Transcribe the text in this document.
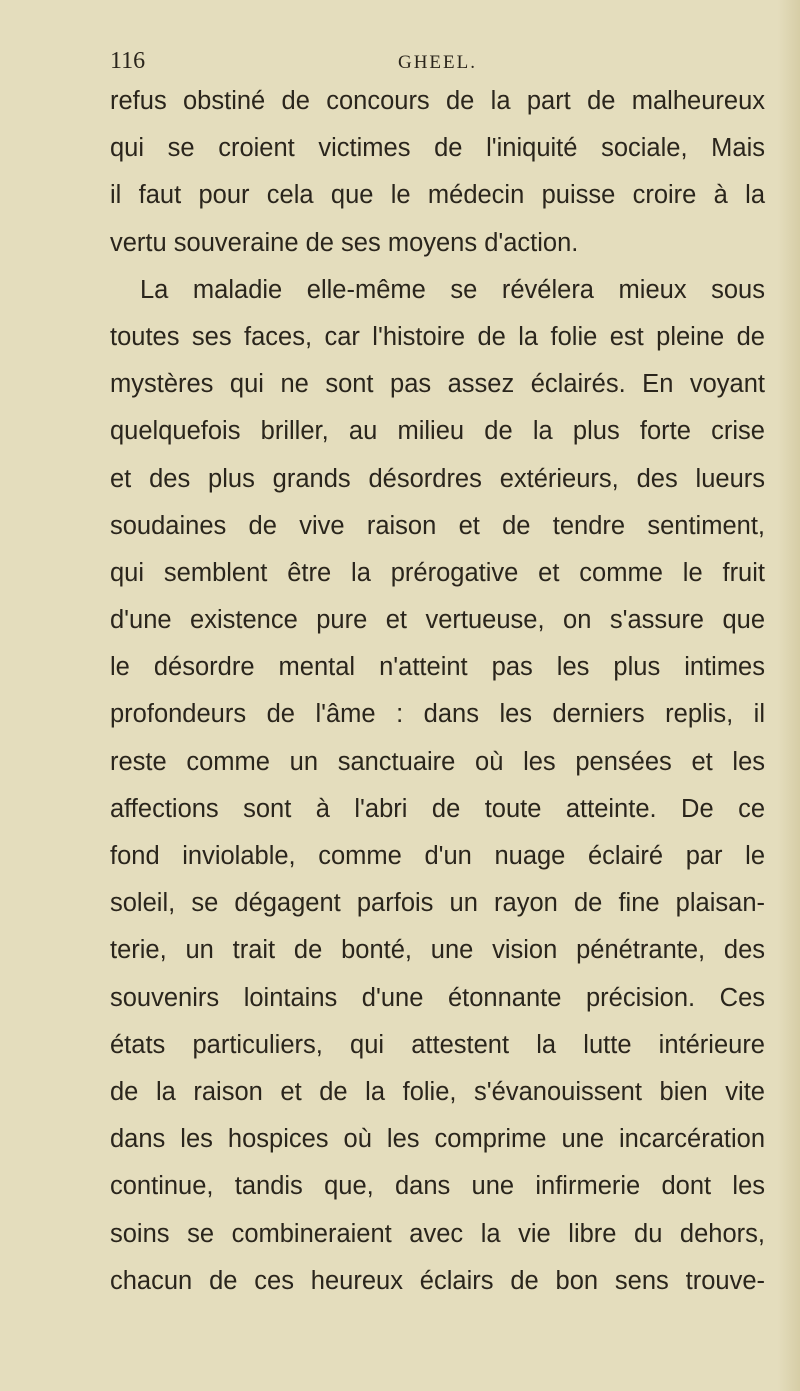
116	GHEEL.
refus obstiné de concours de la part de malheureux
qui se croient victimes de l'iniquité sociale, Mais
il faut pour cela que le médecin puisse croire à la
vertu souveraine de ses moyens d'action.
La maladie elle-même se révélera mieux sous
toutes ses faces, car l'histoire de la folie est pleine de
mystères qui ne sont pas assez éclairés. En voyant
quelquefois briller, au milieu de la plus forte crise
et des plus grands désordres extérieurs, des lueurs
soudaines de vive raison et de tendre sentiment,
qui semblent être la prérogative et comme le fruit
d'une existence pure et vertueuse, on s'assure que
le désordre mental n'atteint pas les plus intimes
profondeurs de l'âme : dans les derniers replis, il
reste comme un sanctuaire où les pensées et les
affections sont à l'abri de toute atteinte. De ce
fond inviolable, comme d'un nuage éclairé par le
soleil, se dégagent parfois un rayon de fine plaisan-
terie, un trait de bonté, une vision pénétrante, des
souvenirs lointains d'une étonnante précision. Ces
états particuliers, qui attestent la lutte intérieure
de la raison et de la folie, s'évanouissent bien vite
dans les hospices où les comprime une incarcération
continue, tandis que, dans une infirmerie dont les
soins se combineraient avec la vie libre du dehors,
chacun de ces heureux éclairs de bon sens trouve-
